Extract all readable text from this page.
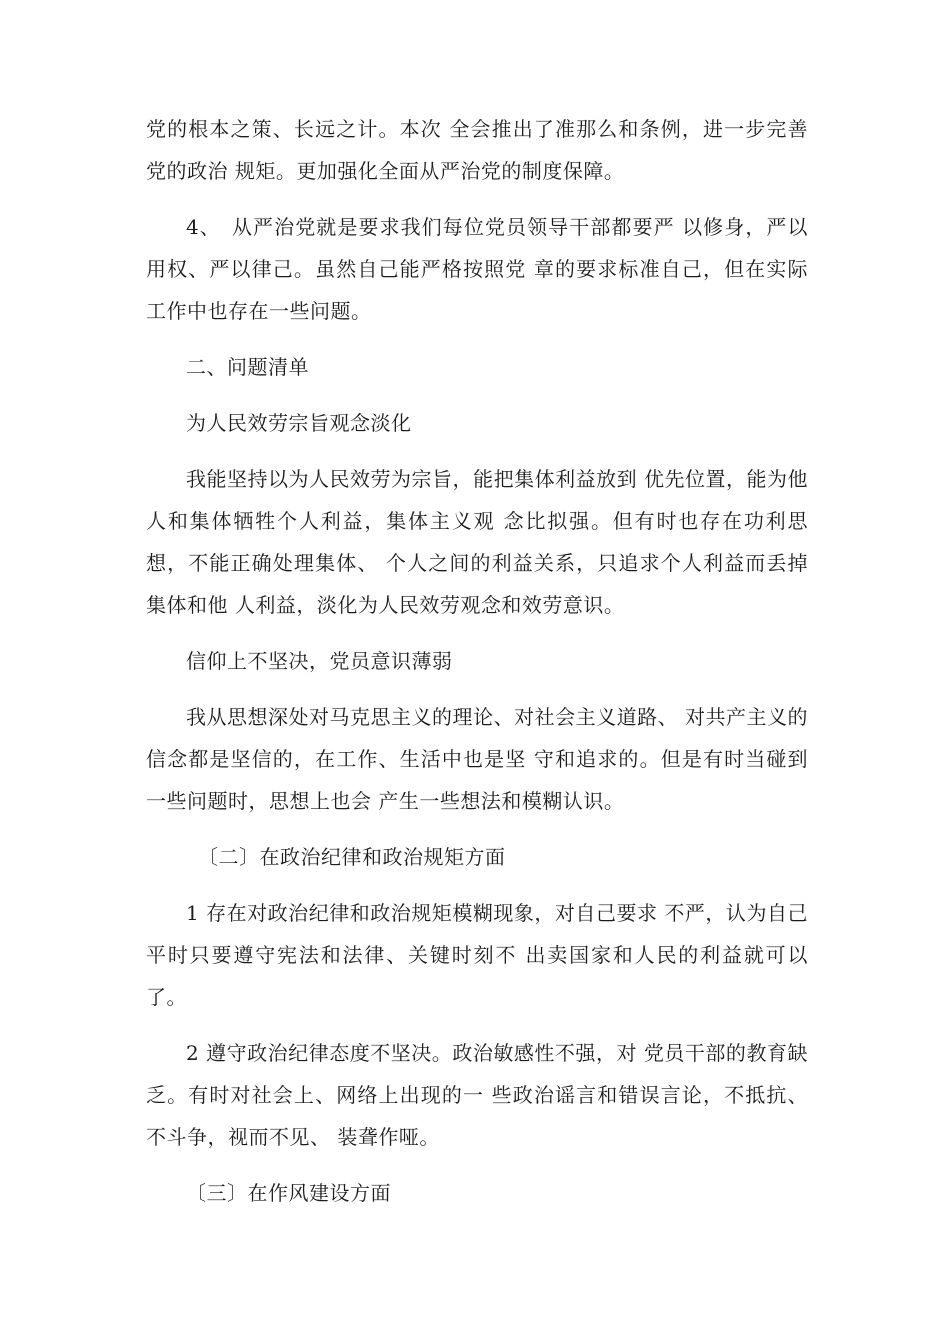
党的根本之策、长远之计。本次 全会推出了准那么和条例，进一步完善党的政治 规矩。更加强化全面从严治党的制度保障。

4、　从严治党就是要求我们每位党员领导干部都要严 以修身，严以用权、严以律己。虽然自己能严格按照党 章的要求标准自己，但在实际工作中也存在一些问题。

二、问题清单

为人民效劳宗旨观念淡化

我能坚持以为人民效劳为宗旨，能把集体利益放到 优先位置，能为他人和集体牺牲个人利益，集体主义观 念比拟强。但有时也存在功利思想，不能正确处理集体、 个人之间的利益关系，只追求个人利益而丢掉集体和他 人利益，淡化为人民效劳观念和效劳意识。

信仰上不坚决，党员意识薄弱

我从思想深处对马克思主义的理论、对社会主义道路、 对共产主义的信念都是坚信的，在工作、生活中也是坚 守和追求的。但是有时当碰到一些问题时，思想上也会 产生一些想法和模糊认识。

〔二〕在政治纪律和政治规矩方面

1 存在对政治纪律和政治规矩模糊现象，对自己要求 不严，认为自己平时只要遵守宪法和法律、关键时刻不 出卖国家和人民的利益就可以了。

2 遵守政治纪律态度不坚决。政治敏感性不强，对 党员干部的教育缺乏。有时对社会上、网络上出现的一 些政治谣言和错误言论，不抵抗、不斗争，视而不见、 装聋作哑。

〔三〕在作风建设方面
